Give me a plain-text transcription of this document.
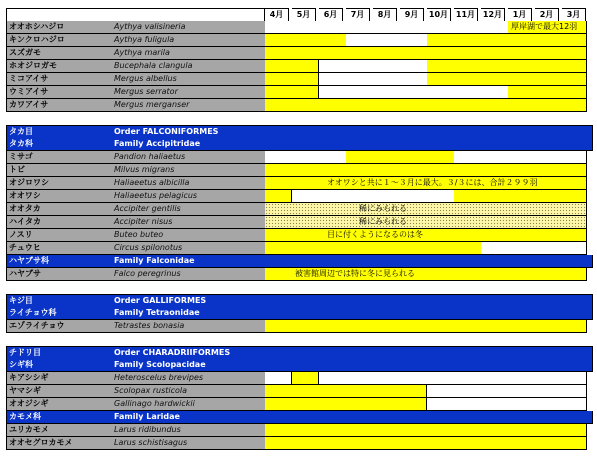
4月	5月	6月	7月	8月	9月	10月 11月 12月	1月	2月	3月
オオホシハジロ	Aythya valisineria	厚岸湖で最大12羽
キンクロハジロ	Aythya fuligula
スズガモ	Aythya marila
ホオジロガモ	Bucephala clangula
ミコアイサ	Mergus albellus
ウミアイサ	Mergus serrator
カワアイサ	Mergus merganser
タカ目	Order FALCONIFORMES
タカ科	Family Accipitridae
ミサゴ	Pandion haliaetus
トビ	Milvus migrans
オジロワシ	Haliaeetus albicilla	オオワシと共に１〜３月に最大。３/３には、合計２９９羽
オオワシ	Haliaeetus pelagicus
オオタカ	Accipiter gentilis	稀にみられる
ハイタカ	Accipiter nisus	稀にみられる
ノスリ	Buteo buteo	目に付くようになるのは冬
チュウヒ	Circus spilonotus
ハヤブサ科	Family Falconidae
ハヤブサ	Falco peregrinus	被害館周辺では特に冬に見られる
キジ目	Order GALLIFORMES
ライチョウ科	Family Tetraonidae
エゾライチョウ	Tetrastes bonasia
チドリ目	Order CHARADRIIFORMES
シギ科	Family Scolopacidae
キアシシギ	Heteroscelus brevipes
ヤマシギ	Scolopax rusticola
オオジシギ	Gallinago hardwickii
カモメ科	Family Laridae
ユリカモメ	Larus ridibundus
オオセグロカモメ	Larus schistisagus
